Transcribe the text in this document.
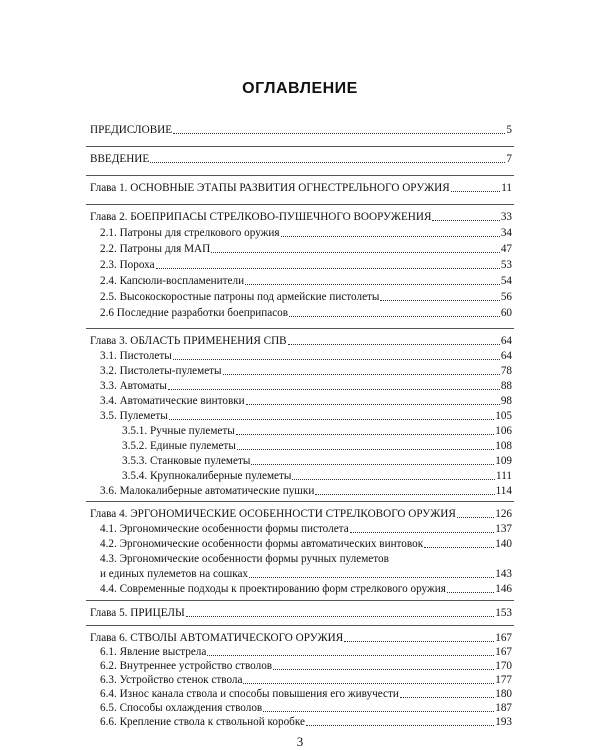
ОГЛАВЛЕНИЕ
ПРЕДИСЛОВИЕ	5
ВВЕДЕНИЕ	7
Глава 1. ОСНОВНЫЕ ЭТАПЫ РАЗВИТИЯ ОГНЕСТРЕЛЬНОГО ОРУЖИЯ	11
Глава 2. БОЕПРИПАСЫ СТРЕЛКОВО-ПУШЕЧНОГО ВООРУЖЕНИЯ	33
2.1. Патроны для стрелкового оружия	34
2.2. Патроны для МАП	47
2.3. Пороха	53
2.4. Капсюли-воспламенители	54
2.5. Высокоскоростные патроны под армейские пистолеты	56
2.6 Последние разработки боеприпасов	60
Глава 3. ОБЛАСТЬ ПРИМЕНЕНИЯ СПВ	64
3.1. Пистолеты	64
3.2. Пистолеты-пулеметы	78
3.3. Автоматы	88
3.4. Автоматические винтовки	98
3.5. Пулеметы	105
3.5.1. Ручные пулеметы	106
3.5.2. Единые пулеметы	108
3.5.3. Станковые пулеметы	109
3.5.4. Крупнокалиберные пулеметы	111
3.6. Малокалиберные автоматические пушки	114
Глава 4. ЭРГОНОМИЧЕСКИЕ ОСОБЕННОСТИ СТРЕЛКОВОГО ОРУЖИЯ	126
4.1. Эргономические особенности формы пистолета	137
4.2. Эргономические особенности формы автоматических винтовок	140
4.3. Эргономические особенности формы ручных пулеметов
и единых пулеметов на сошках	143
4.4. Современные подходы к проектированию форм стрелкового оружия	146
Глава 5. ПРИЦЕЛЫ	153
Глава 6. СТВОЛЫ АВТОМАТИЧЕСКОГО ОРУЖИЯ	167
6.1. Явление выстрела	167
6.2. Внутреннее устройство стволов	170
6.3. Устройство стенок ствола	177
6.4. Износ канала ствола и способы повышения его живучести	180
6.5. Способы охлаждения стволов	187
6.6. Крепление ствола к ствольной коробке	193
3
